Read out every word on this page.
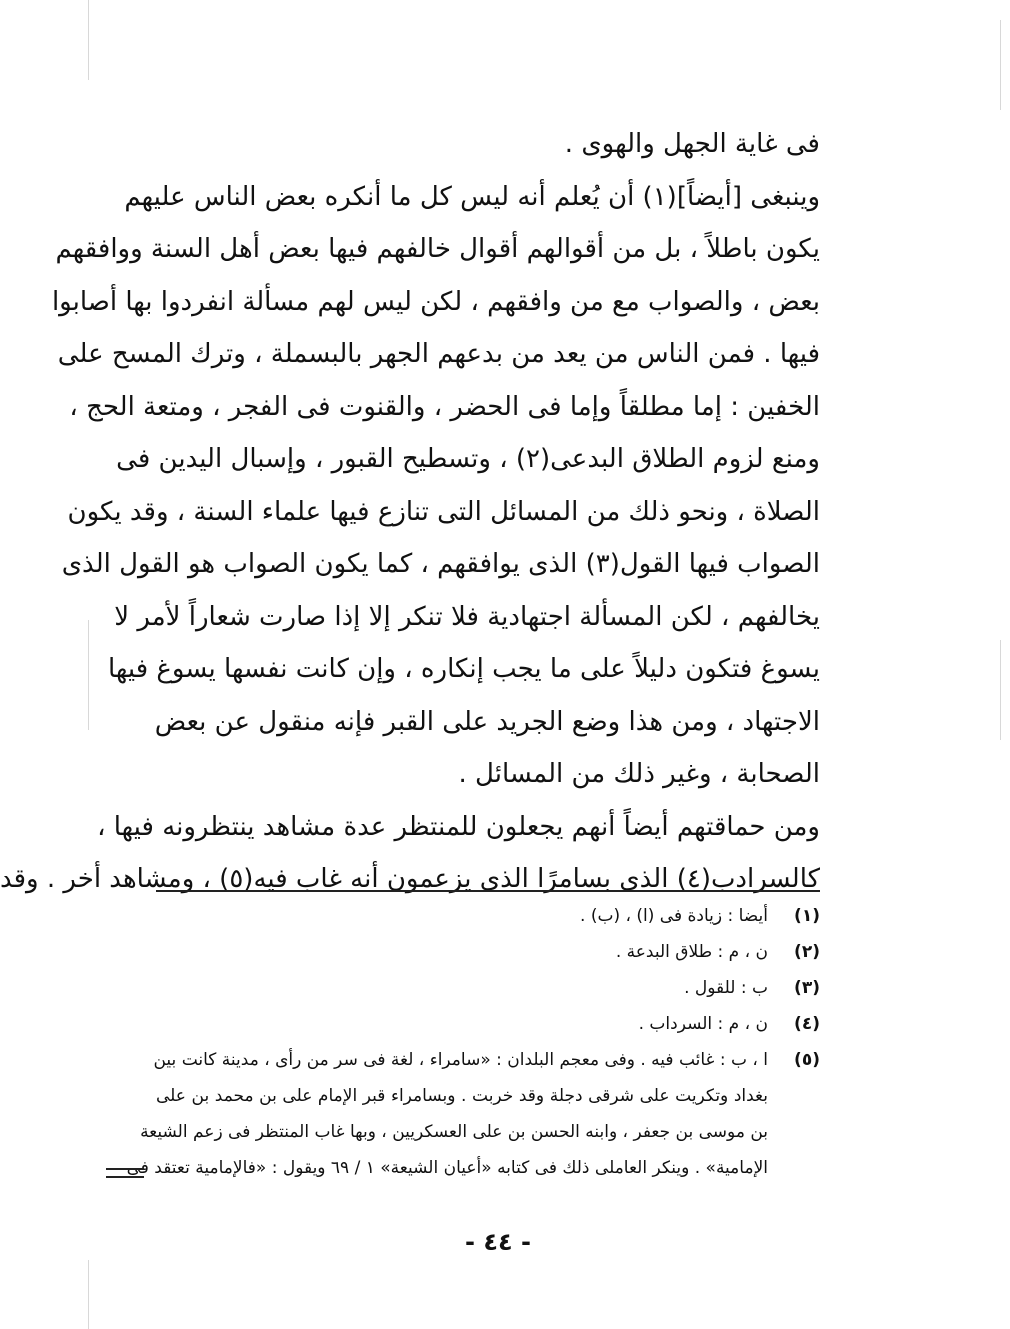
فى غاية الجهل والهوى .
وينبغى [أيضاً](١) أن يُعلم أنه ليس كل ما أنكره بعض الناس عليهم
يكون باطلاً ، بل من أقوالهم أقوال خالفهم فيها بعض أهل السنة ووافقهم
بعض ، والصواب مع من وافقهم ، لكن ليس لهم مسألة انفردوا بها أصابوا
فيها . فمن الناس من يعد من بدعهم الجهر بالبسملة ، وترك المسح على
الخفين : إما مطلقاً وإما فى الحضر ، والقنوت فى الفجر ، ومتعة الحج ،
ومنع لزوم الطلاق البدعى(٢) ، وتسطيح القبور ، وإسبال اليدين فى
الصلاة ، ونحو ذلك من المسائل التى تنازع فيها علماء السنة ، وقد يكون
الصواب فيها القول(٣) الذى يوافقهم ، كما يكون الصواب هو القول الذى
يخالفهم ، لكن المسألة اجتهادية فلا تنكر إلا إذا صارت شعاراً لأمر لا
يسوغ فتكون دليلاً على ما يجب إنكاره ، وإن كانت نفسها يسوغ فيها
الاجتهاد ، ومن هذا وضع الجريد على القبر فإنه منقول عن بعض
الصحابة ، وغير ذلك من المسائل .
ومن حماقتهم أيضاً أنهم يجعلون للمنتظر عدة مشاهد ينتظرونه فيها ،
كالسرادب(٤) الذى بسامرًا الذى يزعمون أنه غاب فيه(٥) ، ومشاهد أخر . وقد
(١)
أيضا : زيادة فى (ا) ، (ب) .
(٢)
ن ، م : طلاق البدعة .
(٣)
ب : للقول .
(٤)
ن ، م : السرداب .
(٥)
ا ، ب : غائب فيه . وفى معجم البلدان : «سامراء ، لغة فى سر من رأى ، مدينة كانت بين
بغداد وتكريت على شرقى دجلة وقد خربت . وبسامراء قبر الإمام على بن محمد بن على
بن موسى بن جعفر ، وابنه الحسن بن على العسكريين ، وبها غاب المنتظر فى زعم الشيعة
الإمامية» . وينكر العاملى ذلك فى كتابه «أعيان الشيعة» ١ / ٦٩ ويقول : «فالإمامية تعتقد فى
- ٤٤ -
